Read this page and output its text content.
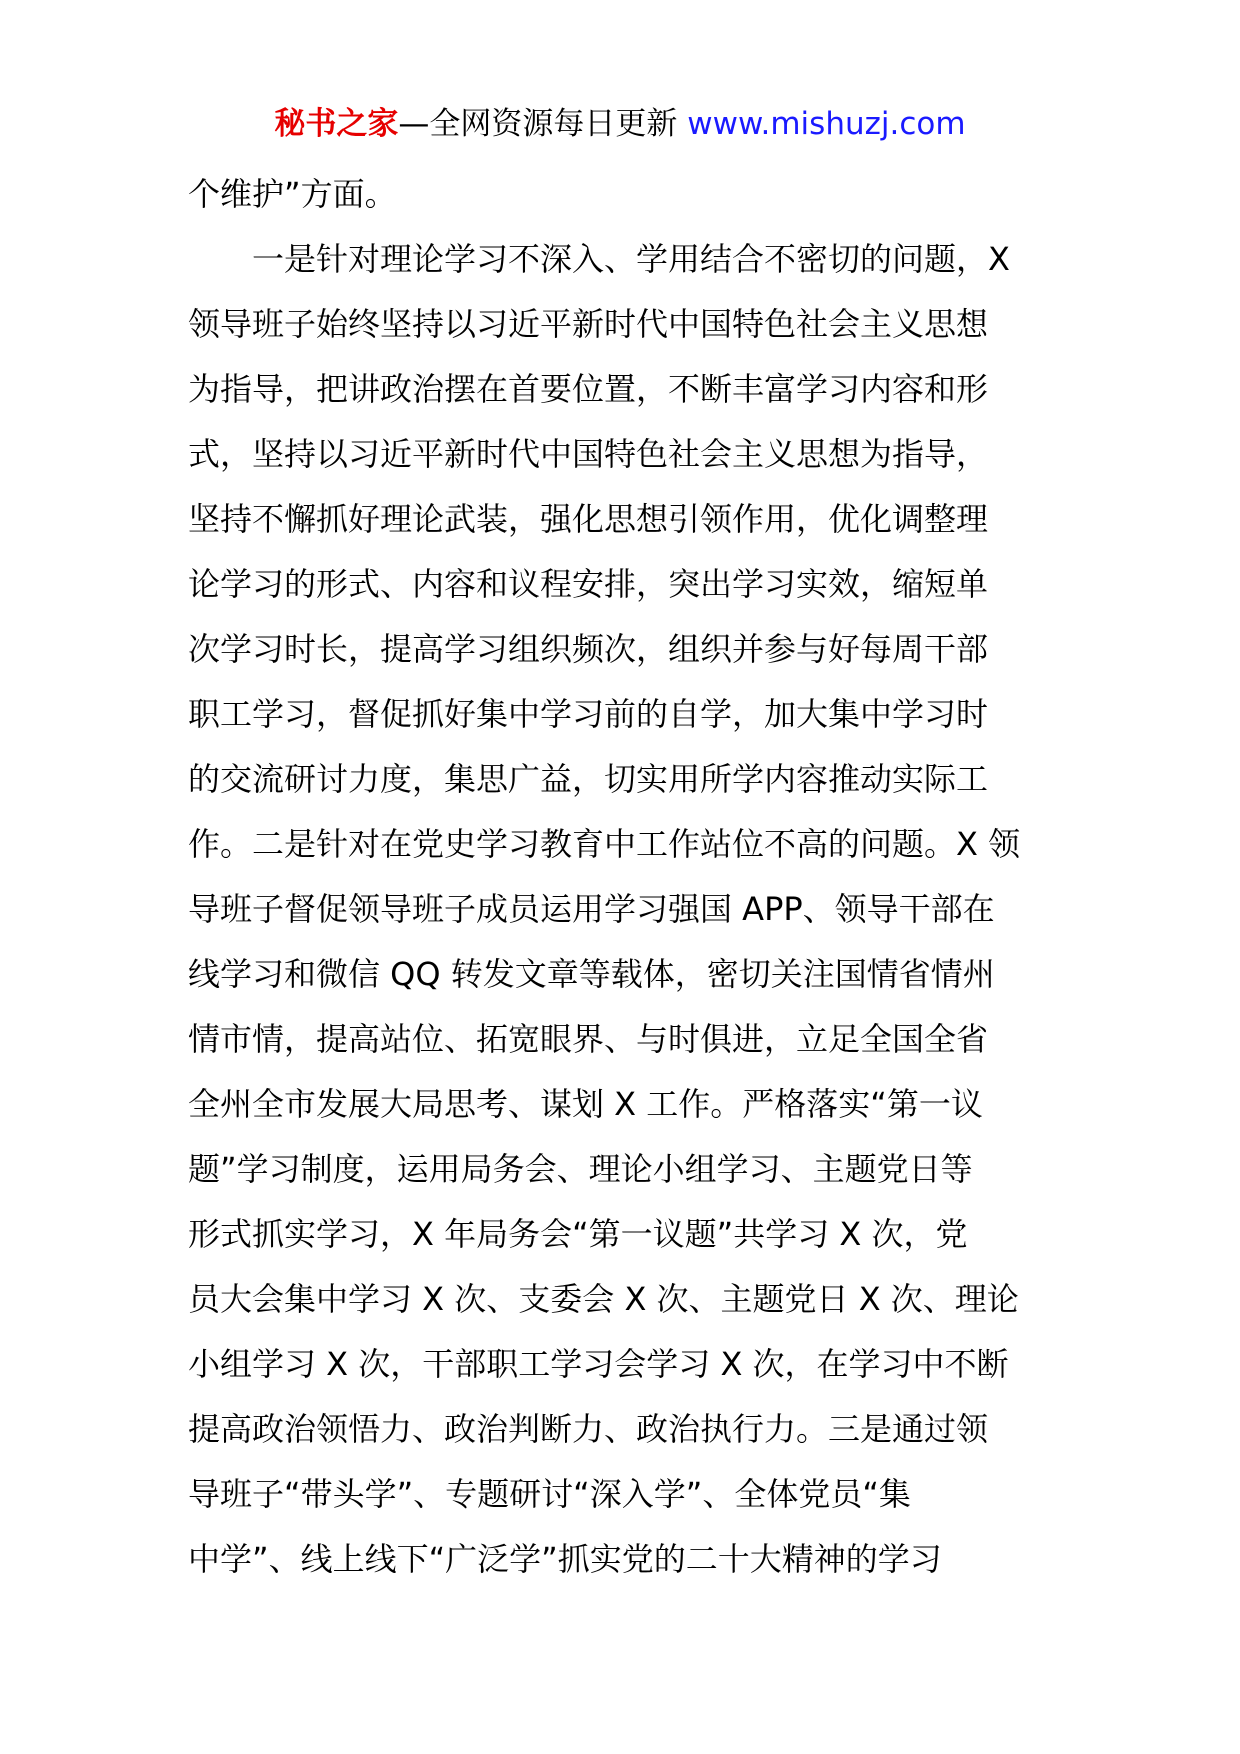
秘书之家—全网资源每日更新 www.mishuzj.com
个维护”方面。
一是针对理论学习不深入、学用结合不密切的问题，X
领导班子始终坚持以习近平新时代中国特色社会主义思想
为指导，把讲政治摆在首要位置，不断丰富学习内容和形
式，坚持以习近平新时代中国特色社会主义思想为指导，
坚持不懈抓好理论武装，强化思想引领作用，优化调整理
论学习的形式、内容和议程安排，突出学习实效，缩短单
次学习时长，提高学习组织频次，组织并参与好每周干部
职工学习，督促抓好集中学习前的自学，加大集中学习时
的交流研讨力度，集思广益，切实用所学内容推动实际工
作。二是针对在党史学习教育中工作站位不高的问题。X 领
导班子督促领导班子成员运用学习强国 APP、领导干部在
线学习和微信 QQ 转发文章等载体，密切关注国情省情州
情市情，提高站位、拓宽眼界、与时俱进，立足全国全省
全州全市发展大局思考、谋划 X 工作。严格落实“第一议
题”学习制度，运用局务会、理论小组学习、主题党日等
形式抓实学习，X 年局务会“第一议题”共学习 X 次，党
员大会集中学习 X 次、支委会 X 次、主题党日 X 次、理论
小组学习 X 次，干部职工学习会学习 X 次，在学习中不断
提高政治领悟力、政治判断力、政治执行力。三是通过领
导班子“带头学”、专题研讨“深入学”、全体党员“集
中学”、线上线下“广泛学”抓实党的二十大精神的学习
